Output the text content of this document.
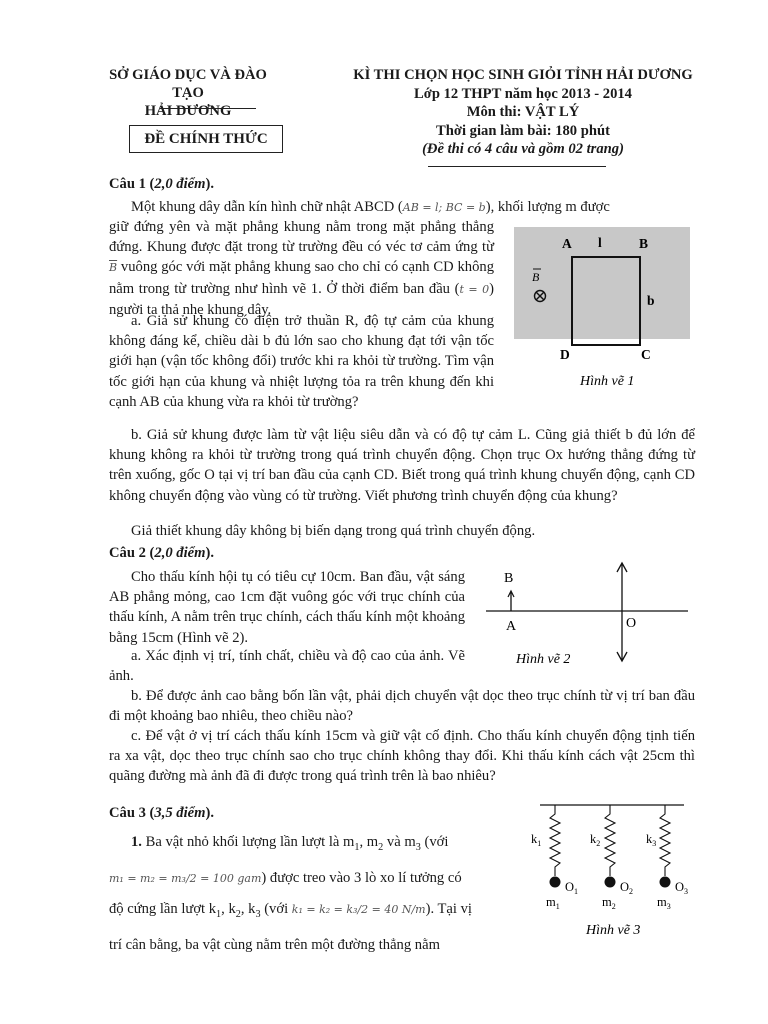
SỞ GIÁO DỤC VÀ ĐÀO TẠO
HẢI DƯƠNG
ĐỀ CHÍNH THỨC
KÌ THI CHỌN HỌC SINH GIỎI TỈNH HẢI DƯƠNG
Lớp 12 THPT năm học 2013 - 2014
Môn thi: VẬT LÝ
Thời gian làm bài: 180 phút
(Đề thi có 4 câu và gồm 02 trang)
Câu 1 (2,0 điểm).
Một khung dây dẫn kín hình chữ nhật ABCD (AB = l; BC = b), khối lượng m được
giữ đứng yên và mặt phẳng khung nằm trong mặt phẳng thẳng đứng. Khung được đặt trong từ trường đều có véc tơ cảm ứng từ $\overline{B}$ vuông góc với mặt phẳng khung sao cho chỉ có cạnh CD không nằm trong từ trường như hình vẽ 1. Ở thời điểm ban đầu (t = 0) người ta thả nhẹ khung dây.
a. Giả sử khung có điện trở thuần R, độ tự cảm của khung không đáng kể, chiều dài b đủ lớn sao cho khung đạt tới vận tốc giới hạn (vận tốc không đổi) trước khi ra khỏi từ trường. Tìm vận tốc giới hạn của khung và nhiệt lượng tỏa ra trên khung đến khi cạnh AB của khung vừa ra khỏi từ trường?
B
A l	B
b
D	C
Hình vẽ 1
b. Giả sử khung được làm từ vật liệu siêu dẫn và có độ tự cảm L. Cũng giả thiết b đủ lớn để khung không ra khỏi từ trường trong quá trình chuyển động. Chọn trục Ox hướng thẳng đứng từ trên xuống, gốc O tại vị trí ban đầu của cạnh CD. Biết trong quá trình khung chuyển động, cạnh CD không chuyển động vào vùng có từ trường. Viết phương trình chuyển động của khung?
Giả thiết khung dây không bị biến dạng trong quá trình chuyển động.
Câu 2 (2,0 điểm).
Cho thấu kính hội tụ có tiêu cự 10cm. Ban đầu, vật sáng AB phẳng mỏng, cao 1cm đặt vuông góc với trục chính của thấu kính, A nằm trên trục chính, cách thấu kính một khoảng bằng 15cm (Hình vẽ 2).
a. Xác định vị trí, tính chất, chiều và độ cao của ảnh. Vẽ ảnh.
B
A	O
Hình vẽ 2
b. Để được ảnh cao bằng bốn lần vật, phải dịch chuyển vật dọc theo trục chính từ vị trí ban đầu đi một khoảng bao nhiêu, theo chiều nào?
c. Để vật ở vị trí cách thấu kính 15cm và giữ vật cố định. Cho thấu kính chuyển động tịnh tiến ra xa vật, dọc theo trục chính sao cho trục chính không thay đổi. Khi thấu kính cách vật 25cm thì quãng đường mà ảnh đã đi được trong quá trình trên là bao nhiêu?
Câu 3 (3,5 điểm).
1. Ba vật nhỏ khối lượng lần lượt là $m_1$, $m_2$ và $m_3$ (với
m₁ = m₂ = m₃/2 = 100 gam) được treo vào 3 lò xo lí tưởng có
độ cứng lần lượt $k_1$, $k_2$, $k_3$ (với k₁ = k₂ = k₃/2 = 40 N/m). Tại vị
trí cân bằng, ba vật cùng nằm trên một đường thẳng nằm
$k_1$	$k_2$	$k_3$
$O_1$	$O_2$	$O_3$
$m_1$	$m_2$	$m_3$
Hình vẽ 3
